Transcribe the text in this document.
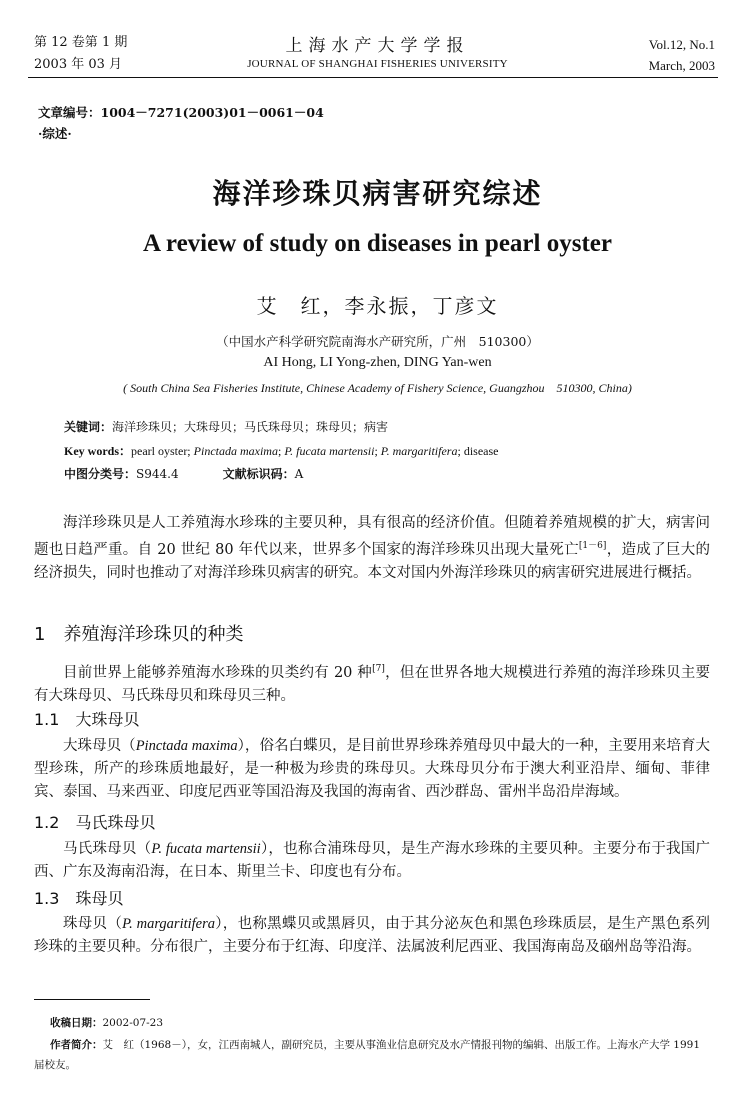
第 12 卷第 1 期
2003 年 03 月
上海水产大学学报
JOURNAL OF SHANGHAI FISHERIES UNIVERSITY
Vol.12, No.1
March, 2003
文章编号：1004－7271(2003)01－0061－04
·综述·
海洋珍珠贝病害研究综述
A review of study on diseases in pearl oyster
艾　红，李永振，丁彦文
（中国水产科学研究院南海水产研究所，广州　510300）
AI Hong, LI Yong-zhen, DING Yan-wen
( South China Sea Fisheries Institute, Chinese Academy of Fishery Science, Guangzhou　510300, China)
关键词：海洋珍珠贝；大珠母贝；马氏珠母贝；珠母贝；病害
Key words：pearl oyster; Pinctada maxima; P. fucata martensii; P. margaritifera; disease
中图分类号：S944.4	文献标识码：A

海洋珍珠贝是人工养殖海水珍珠的主要贝种，具有很高的经济价值。但随着养殖规模的扩大，病害问题也日趋严重。自 20 世纪 80 年代以来，世界多个国家的海洋珍珠贝出现大量死亡[1－6]，造成了巨大的经济损失，同时也推动了对海洋珍珠贝病害的研究。本文对国内外海洋珍珠贝的病害研究进展进行概括。

1　养殖海洋珍珠贝的种类

目前世界上能够养殖海水珍珠的贝类约有 20 种[7]，但在世界各地大规模进行养殖的海洋珍珠贝主要有大珠母贝、马氏珠母贝和珠母贝三种。

1.1　大珠母贝

大珠母贝（Pinctada maxima），俗名白蝶贝，是目前世界珍珠养殖母贝中最大的一种，主要用来培育大型珍珠，所产的珍珠质地最好，是一种极为珍贵的珠母贝。大珠母贝分布于澳大利亚沿岸、缅甸、菲律宾、泰国、马来西亚、印度尼西亚等国沿海及我国的海南省、西沙群岛、雷州半岛沿岸海域。

1.2　马氏珠母贝

马氏珠母贝（P. fucata martensii），也称合浦珠母贝，是生产海水珍珠的主要贝种。主要分布于我国广西、广东及海南沿海，在日本、斯里兰卡、印度也有分布。

1.3　珠母贝

珠母贝（P. margaritifera），也称黑蝶贝或黑唇贝，由于其分泌灰色和黑色珍珠质层，是生产黑色系列珍珠的主要贝种。分布很广，主要分布于红海、印度洋、法属波利尼西亚、我国海南岛及硇州岛等沿海。

收稿日期：2002-07-23
作者简介：艾　红（1968－），女，江西南城人，副研究员，主要从事渔业信息研究及水产情报刊物的编辑、出版工作。上海水产大学 1991 届校友。
